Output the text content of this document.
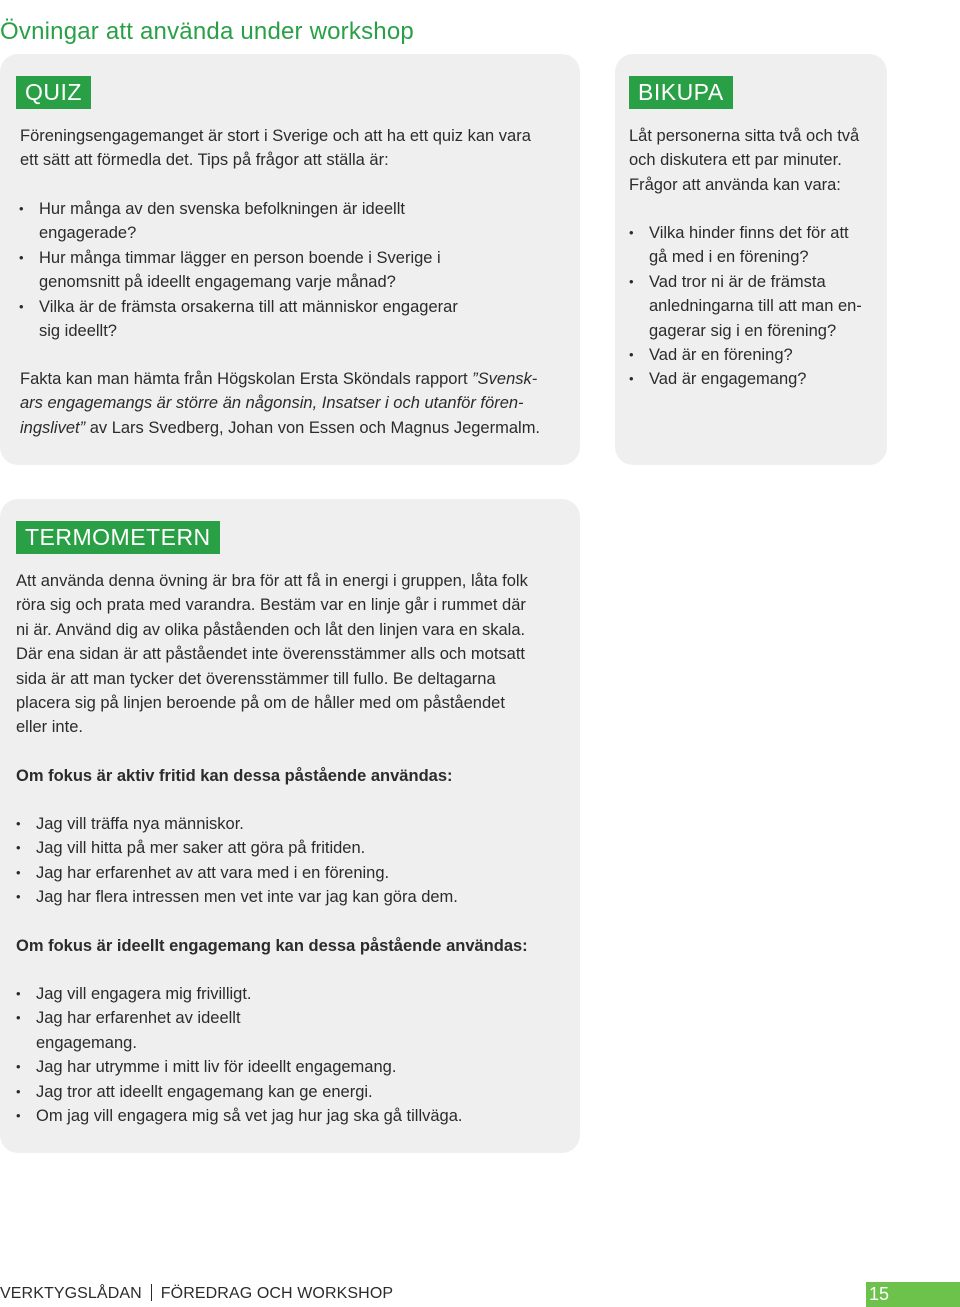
Övningar att använda under workshop
QUIZ

Föreningsengagemanget är stort i Sverige och att ha ett quiz kan vara
ett sätt att förmedla det. Tips på frågor att ställa är:

• Hur många av den svenska befolkningen är ideellt
engagerade?
• Hur många timmar lägger en person boende i Sverige i
genomsnitt på ideellt engagemang varje månad?
• Vilka är de främsta orsakerna till att människor engagerar
sig ideellt?

Fakta kan man hämta från Högskolan Ersta Sköndals rapport ”Svensk-
ars engagemangs är större än någonsin, Insatser i och utanför fören-
ingslivet” av Lars Svedberg, Johan von Essen och Magnus Jegermalm.

BIKUPA

Låt personerna sitta två och två
och diskutera ett par minuter.
Frågor att använda kan vara:

• Vilka hinder finns det för att
gå med i en förening?
• Vad tror ni är de främsta
anledningarna till att man en-
gagerar sig i en förening?
• Vad är en förening?
• Vad är engagemang?
TERMOMETERN

Att använda denna övning är bra för att få in energi i gruppen, låta folk
röra sig och prata med varandra. Bestäm var en linje går i rummet där
ni är. Använd dig av olika påståenden och låt den linjen vara en skala.
Där ena sidan är att påståendet inte överensstämmer alls och motsatt
sida är att man tycker det överensstämmer till fullo. Be deltagarna
placera sig på linjen beroende på om de håller med om påståendet
eller inte.

Om fokus är aktiv fritid kan dessa påstående användas:

• Jag vill träffa nya människor.
• Jag vill hitta på mer saker att göra på fritiden.
• Jag har erfarenhet av att vara med i en förening.
• Jag har flera intressen men vet inte var jag kan göra dem.

Om fokus är ideellt engagemang kan dessa påstående användas:

• Jag vill engagera mig frivilligt.
• Jag har erfarenhet av ideellt
engagemang.
• Jag har utrymme i mitt liv för ideellt engagemang.
• Jag tror att ideellt engagemang kan ge energi.
• Om jag vill engagera mig så vet jag hur jag ska gå tillväga.
VERKTYGSLÅDAN FÖREDRAG OCH WORKSHOP	15
